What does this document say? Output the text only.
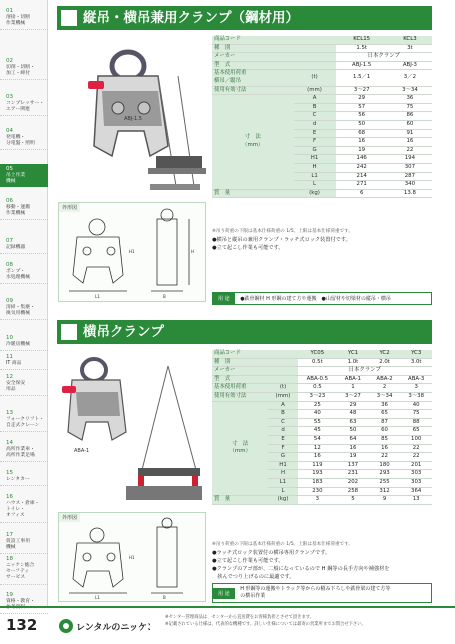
01
溶接・切断
作業機械
02
切削・切断・
加工・締付
03
コンプレッサー・
エアー関連
04
発電機・
分電盤・照明
05
吊上作業
機械
06
移動・運搬
作業機械
07
記録機器
08
ポンプ・
水処理機械
09
清掃・集塵・
換気用機械
10
冷暖房機械
11
IT 商品
12
安全保安
用品
13
フォークリフト・
自走式クレーン
14
高所作業車・
高所作業足場
15
レンタカー
16
ハウス・倉庫・
トイレ・
オフィス
17
仮設工事用
機械
18
ニッケン総合
セーフティ
サービス
19
資格・教育・
参考資料
縦吊・横吊兼用クランプ（鋼材用）
ABJ-1.5
外形図
H1	H
L1	B
商品コード		KCL15	KCL3
種　別		1.5t	3t
メーカー		日本クランプ	
型　式		ABJ-1.5	ABJ-3
基本使用荷重
横吊／縦吊	(t)	1.5／1	3／2
使用有効寸法	(mm)	3〜27	3〜34
寸　法
（mm）	A	29	36
	B	57	75
	C	56	86
	d	50	60
	E	68	91
	F	16	16
	G	19	22
	H1	146	194
	H	242	307
	L1	214	287
	L	271	340
質　量	(kg)	6	13.8
※吊り荷重の下限は基本仕様荷重の 1/5。上限は基本仕様荷重です。
●横吊と縦吊の兼用クランプ・ラッチ式ロック装置付です。
●立て起こし作業も可能です。
用 途 ●鉄骨鋼材 H 形鋼の建て方や運搬　●山留材や切梁材の縦吊・横吊
横吊クランプ
ABA-1
外形図
H1
L1	B
商品コード		YC05	YC1	YC2	YC3
種　別		0.5t	1.0t	2.0t	3.0t
メーカー		日本クランプ			
型　式		ABA-0.5	ABA-1	ABA-2	ABA-3
基本使用荷重	(t)	0.5	1	2	3
使用有効寸法	(mm)	3〜23	3〜27	3〜34	3〜38
寸　法
（mm）	A	25	29	36	40
	B	40	48	65	75
	C	55	63	87	88
	d	45	50	60	65
	E	54	64	85	100
	F	12	16	16	22
	G	16	19	22	22
	H1	119	137	180	201
	H	193	231	293	303
	L1	183	202	255	303
	L	230	258	312	364
質　量	(kg)	3	5	9	13
※吊り荷重の下限は基本仕様荷重の 1/5。上限は基本仕様荷重です。
●ラッチ式ロック装置付の横吊専用クランプです。
●立て起こし作業も可能です。
●クランプのアゴ部が、二般になっているので H 鋼等の長手方向や補強材を
　挟んでつり上げるのに最適です。
用 途 H 形鋼等の運搬やトラック等からの積み下ろしや鉄骨梁の建て方等
の横吊作業
132	レンタルのニッケン
※センター管理商品は、センターから直送費をお客様負担とさせて頂きます。
※記載されている仕様は、代表的な機種です。詳しい仕様については最寄の営業所までお問合せ下さい。
